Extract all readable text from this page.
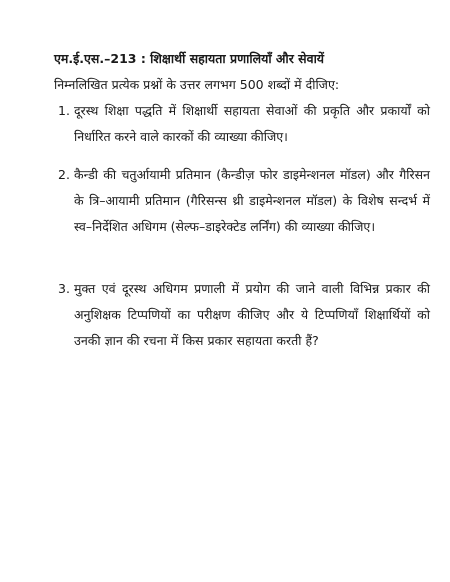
एम.ई.एस.–213 : शिक्षार्थी सहायता प्रणालियाँ और सेवायें
निम्नलिखित प्रत्येक प्रश्नों के उत्तर लगभग 500 शब्दों में दीजिए:
1. दूरस्थ शिक्षा पद्धति में शिक्षार्थी सहायता सेवाओं की प्रकृति और प्रकार्यों को निर्धारित करने वाले कारकों की व्याख्या कीजिए।
2. कैन्डी की चतुर्आयामी प्रतिमान (कैन्डीज़ फोर डाइमेन्शनल मॉडल) और गैरिसन के त्रि–आयामी प्रतिमान (गैरिसन्स थ्री डाइमेन्शनल मॉडल) के विशेष सन्दर्भ में स्व–निर्देशित अधिगम (सेल्फ–डाइरेक्टेड लर्निंग) की व्याख्या कीजिए।
3. मुक्त एवं दूरस्थ अधिगम प्रणाली में प्रयोग की जाने वाली विभिन्न प्रकार की अनुशिक्षक टिप्पणियों का परीक्षण कीजिए और ये टिप्पणियाँ शिक्षार्थियों को उनकी ज्ञान की रचना में किस प्रकार सहायता करती हैं?
